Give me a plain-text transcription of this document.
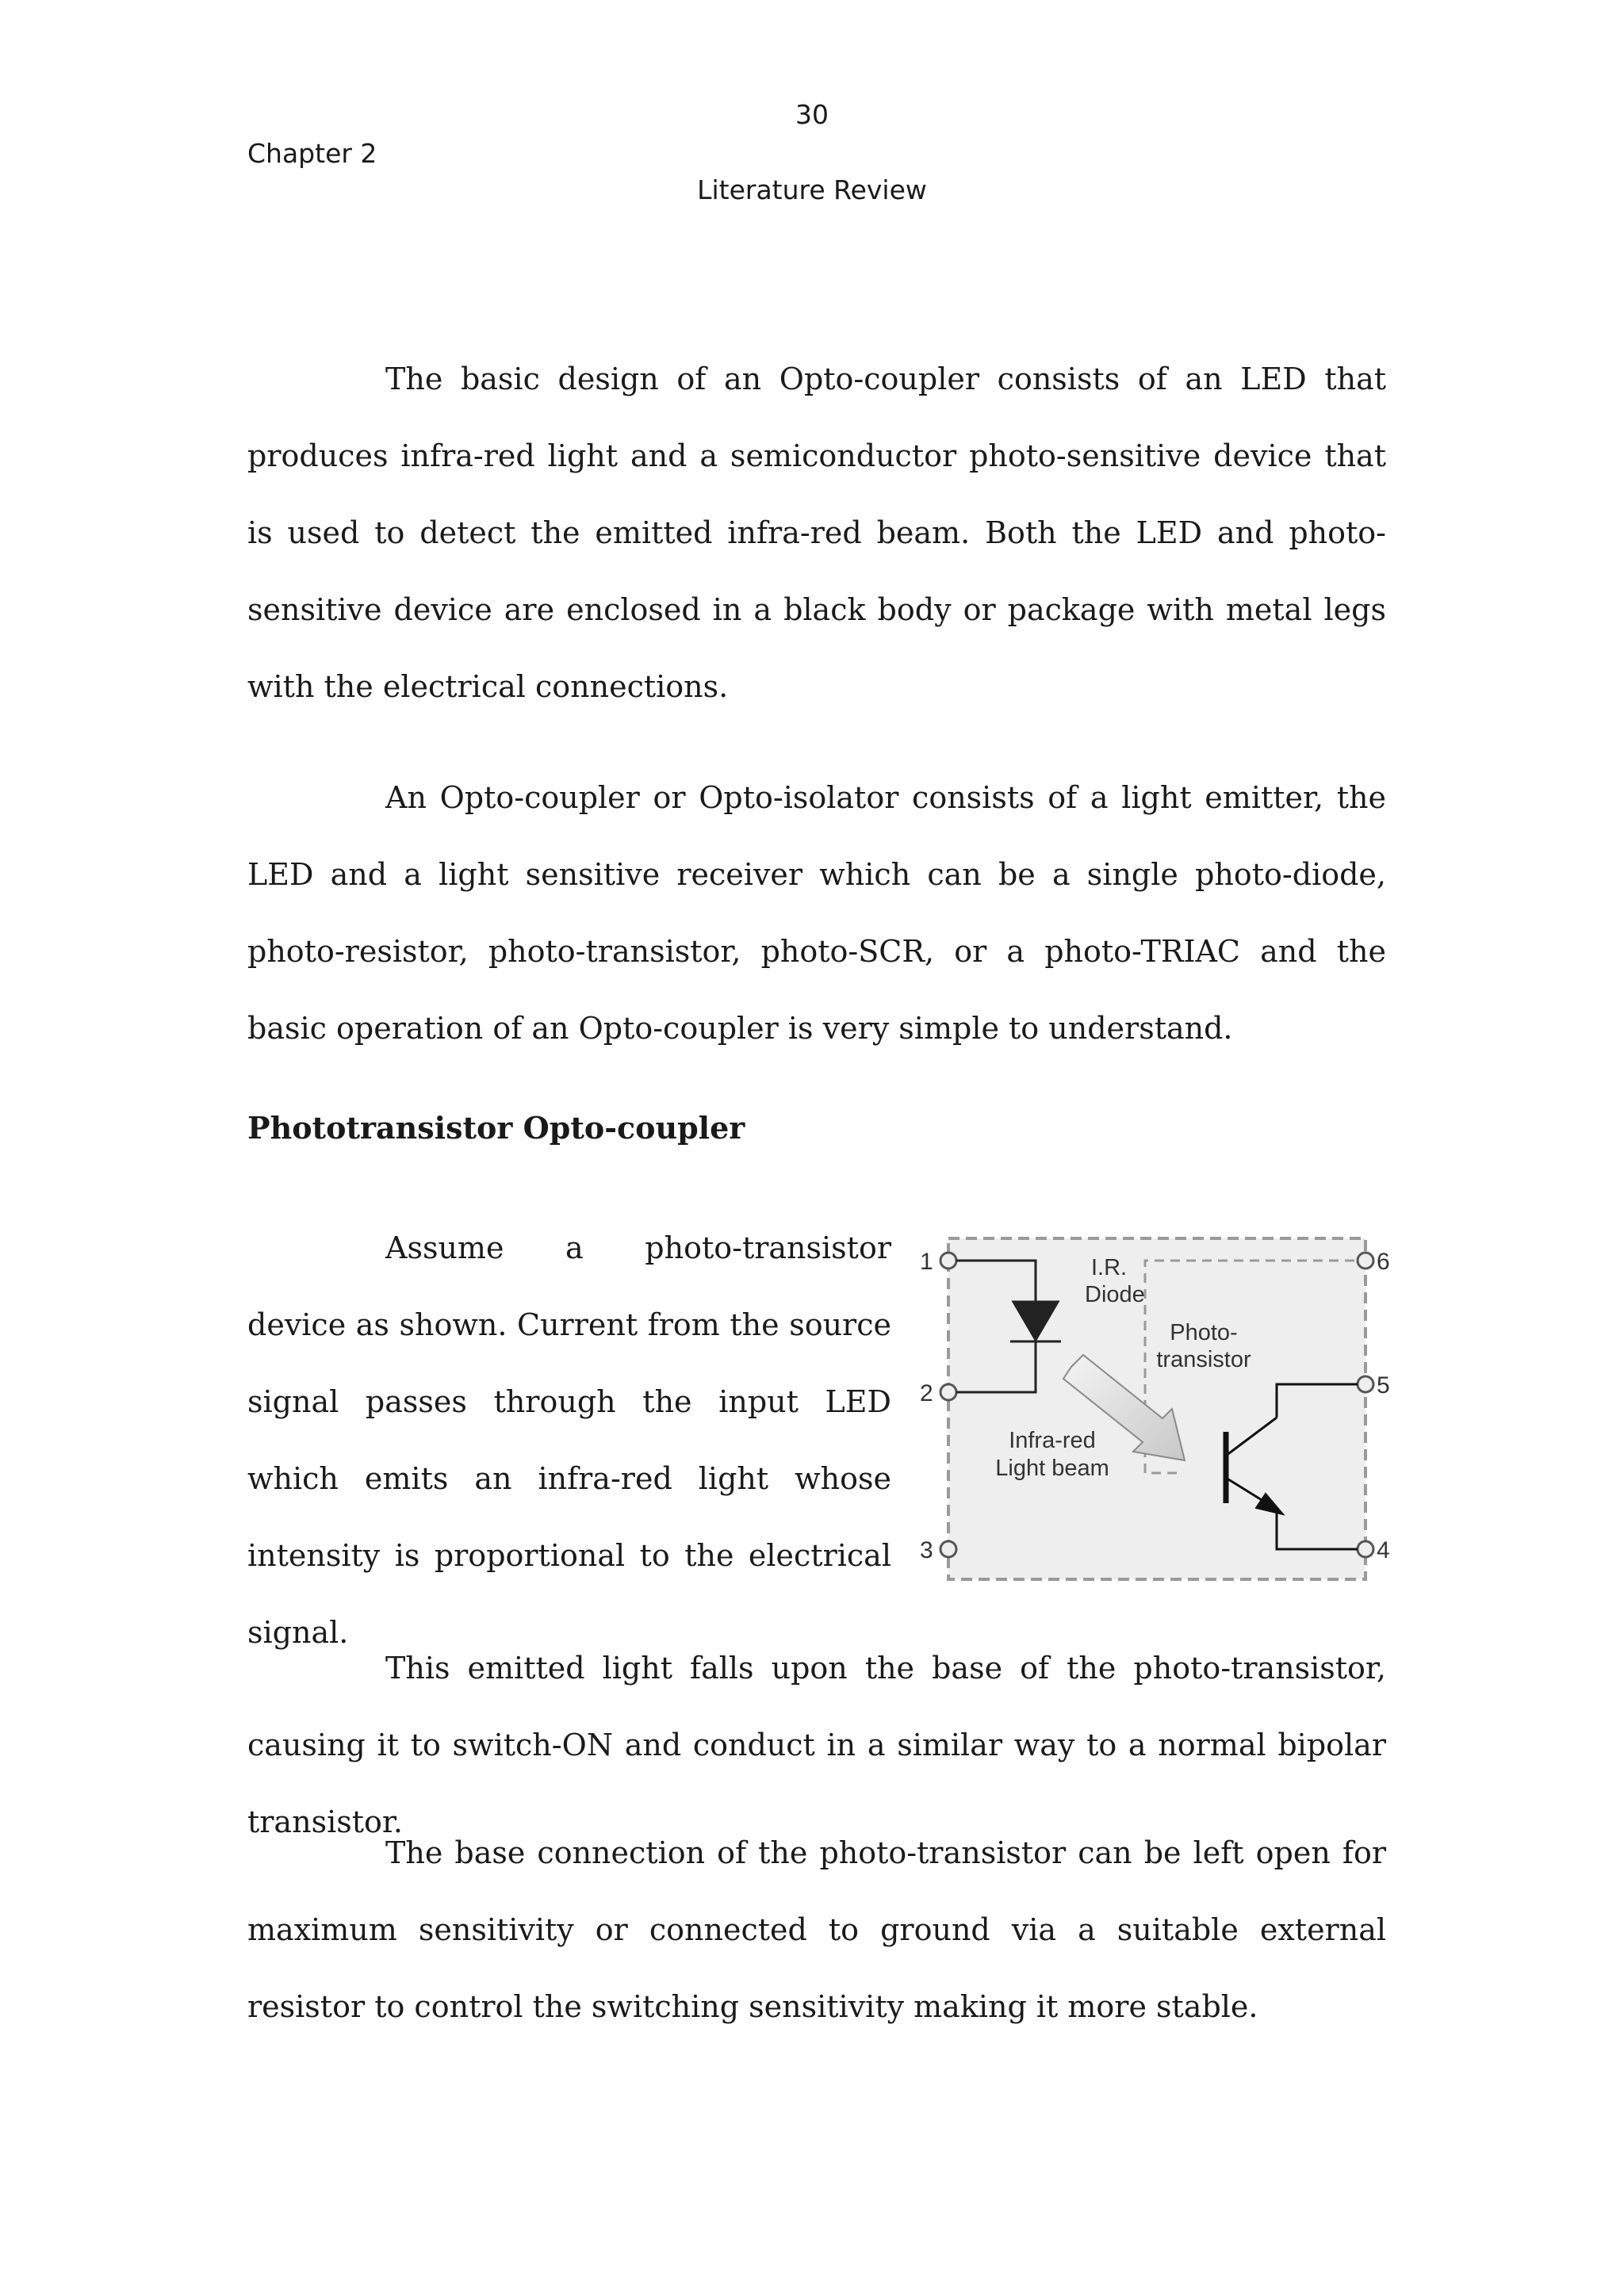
30
Chapter 2
Literature Review

The basic design of an Opto-coupler consists of an LED that produces infra-red light and a semiconductor photo-sensitive device that is used to detect the emitted infra-red beam. Both the LED and photo-sensitive device are enclosed in a black body or package with metal legs with the electrical connections.

An Opto-coupler or Opto-isolator consists of a light emitter, the LED and a light sensitive receiver which can be a single photo-diode, photo-resistor, photo-transistor, photo-SCR, or a photo-TRIAC and the basic operation of an Opto-coupler is very simple to understand.

Phototransistor Opto-coupler

Assume a photo-transistor device as shown. Current from the source signal passes through the input LED which emits an infra-red light whose intensity is proportional to the electrical signal.

1
2
3
6
5
4
I.R.
Diode
Photo-
transistor
Infra-red
Light beam

This emitted light falls upon the base of the photo-transistor, causing it to switch-ON and conduct in a similar way to a normal bipolar transistor.

The base connection of the photo-transistor can be left open for maximum sensitivity or connected to ground via a suitable external resistor to control the switching sensitivity making it more stable.
